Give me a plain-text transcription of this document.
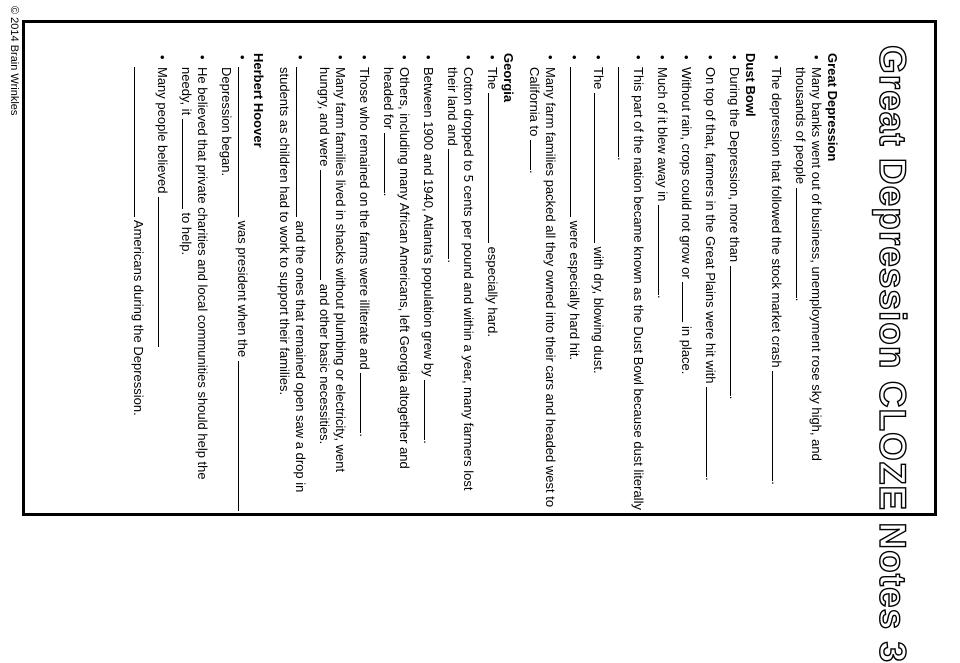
Great Depression CLOZE Notes 3
Great Depression
• Many banks went out of business, unemployment rose sky high, and thousands of people .
• The depression that followed the stock market crash .
Dust Bowl
• During the Depression, more than .
• On top of that, farmers in the Great Plains were hit with .
• Without rain, crops could not grow or  in place.
• Much of it blew away in .
• This part of the nation became known as the Dust Bowl because dust literally .
• The  with dry, blowing dust.
• were especially hard hit.
• Many farm families packed all they owned into their cars and headed west to California to .
Georgia
• The  especially hard.
• Cotton dropped to 5 cents per pound and within a year, many farmers lost their land and .
• Between 1900 and 1940, Atlanta's population grew by .
• Others, including many African Americans, left Georgia altogether and headed for .
• Those who remained on the farms were illiterate and .
• Many farm families lived in shacks without plumbing or electricity, went hungry, and were  and other basic necessities.
• and the ones that remained open saw a drop in students as children had to work to support their families.
Herbert Hoover
• was president when the  Depression began.
• He believed that private charities and local communities should help the needy, it  to help.
• Many people believed
Americans during the Depression.
© 2014 Brain Wrinkles
